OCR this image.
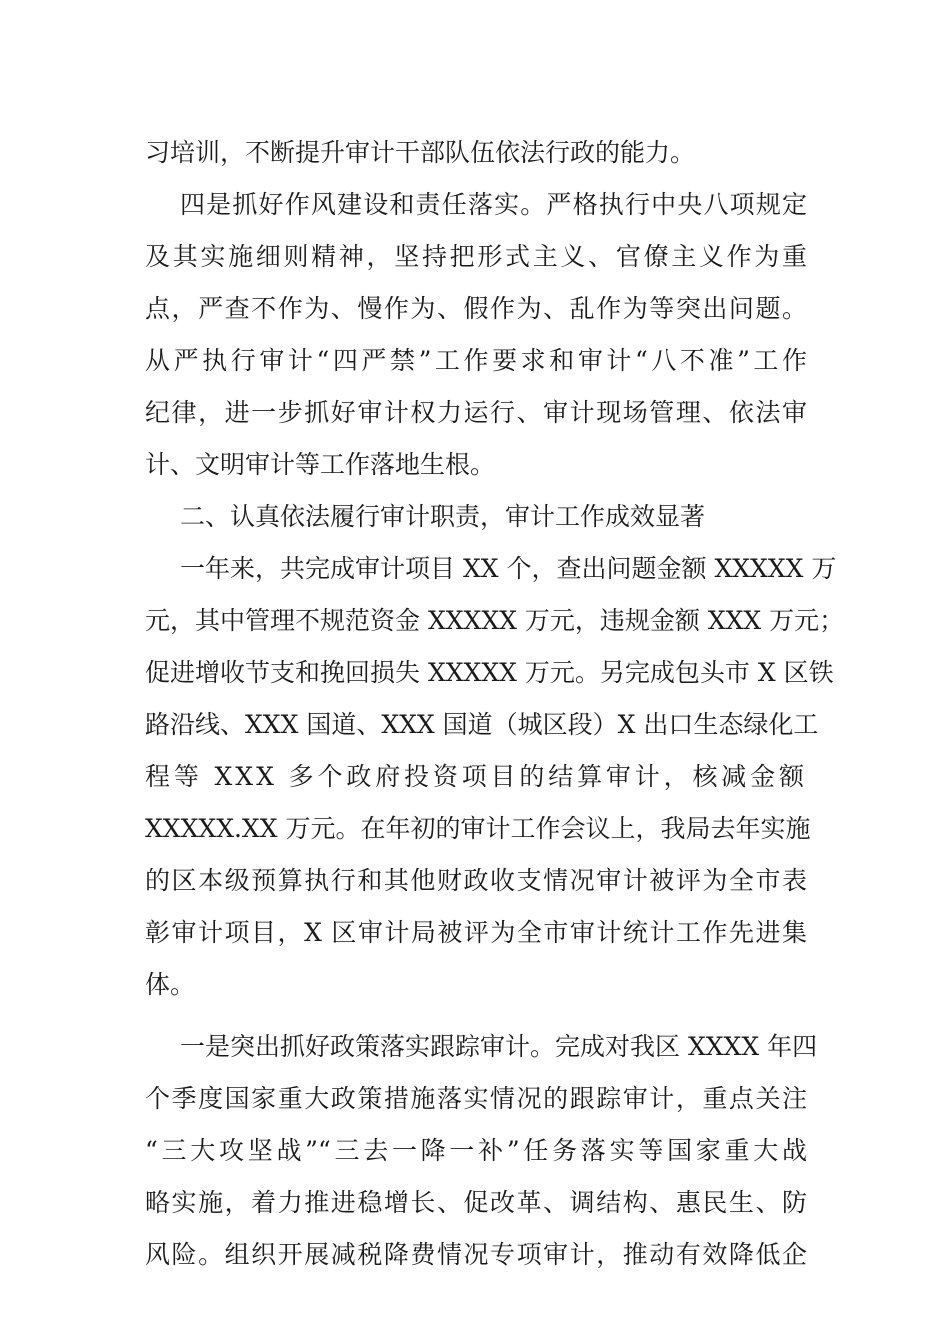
习培训，不断提升审计干部队伍依法行政的能力。
四是抓好作风建设和责任落实。严格执行中央八项规定
及其实施细则精神，坚持把形式主义、官僚主义作为重
点，严查不作为、慢作为、假作为、乱作为等突出问题。
从严执行审计“四严禁”工作要求和审计“八不准”工作
纪律，进一步抓好审计权力运行、审计现场管理、依法审
计、文明审计等工作落地生根。
二、认真依法履行审计职责，审计工作成效显著
一年来，共完成审计项目 XX 个，查出问题金额 XXXXX 万
元，其中管理不规范资金 XXXXX 万元，违规金额 XXX 万元；
促进增收节支和挽回损失 XXXXX 万元。另完成包头市 X 区铁
路沿线、XXX 国道、XXX 国道（城区段）X 出口生态绿化工
程等 XXX 多个政府投资项目的结算审计，核减金额
XXXXX.XX 万元。在年初的审计工作会议上，我局去年实施
的区本级预算执行和其他财政收支情况审计被评为全市表
彰审计项目，X 区审计局被评为全市审计统计工作先进集
体。
一是突出抓好政策落实跟踪审计。完成对我区 XXXX 年四
个季度国家重大政策措施落实情况的跟踪审计，重点关注
“三大攻坚战”“三去一降一补”任务落实等国家重大战
略实施，着力推进稳增长、促改革、调结构、惠民生、防
风险。组织开展减税降费情况专项审计，推动有效降低企
